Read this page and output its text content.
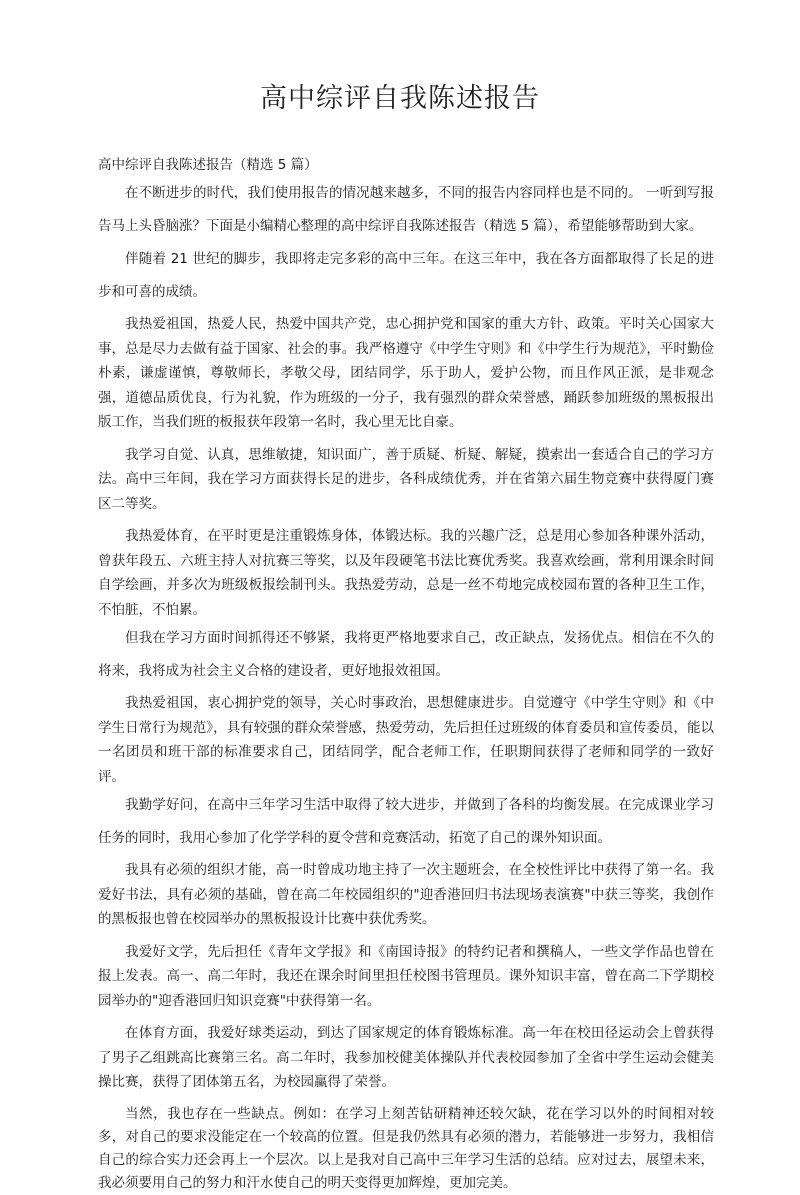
高中综评自我陈述报告

高中综评自我陈述报告（精选 5 篇）

在不断进步的时代，我们使用报告的情况越来越多，不同的报告内容同样也是不同的。 一听到写报告马上头昏脑涨？下面是小编精心整理的高中综评自我陈述报告（精选 5 篇），希望能够帮助到大家。

伴随着 21 世纪的脚步，我即将走完多彩的高中三年。在这三年中，我在各方面都取得了长足的进步和可喜的成绩。

我热爱祖国，热爱人民，热爱中国共产党，忠心拥护党和国家的重大方针、政策。平时关心国家大事，总是尽力去做有益于国家、社会的事。我严格遵守《中学生守则》和《中学生行为规范》，平时勤俭朴素，谦虚谨慎，尊敬师长，孝敬父母，团结同学，乐于助人，爱护公物，而且作风正派，是非观念强，道德品质优良，行为礼貌，作为班级的一分子，我有强烈的群众荣誉感，踊跃参加班级的黑板报出版工作，当我们班的板报获年段第一名时，我心里无比自豪。

我学习自觉、认真，思维敏捷，知识面广，善于质疑、析疑、解疑，摸索出一套适合自己的学习方法。高中三年间，我在学习方面获得长足的进步，各科成绩优秀，并在省第六届生物竞赛中获得厦门赛区二等奖。

我热爱体育，在平时更是注重锻炼身体，体锻达标。我的兴趣广泛，总是用心参加各种课外活动，曾获年段五、六班主持人对抗赛三等奖，以及年段硬笔书法比赛优秀奖。我喜欢绘画，常利用课余时间自学绘画，并多次为班级板报绘制刊头。我热爱劳动，总是一丝不苟地完成校园布置的各种卫生工作，不怕脏，不怕累。

但我在学习方面时间抓得还不够紧，我将更严格地要求自己，改正缺点，发扬优点。相信在不久的将来，我将成为社会主义合格的建设者，更好地报效祖国。

我热爱祖国，衷心拥护党的领导，关心时事政治，思想健康进步。自觉遵守《中学生守则》和《中学生日常行为规范》，具有较强的群众荣誉感，热爱劳动，先后担任过班级的体育委员和宣传委员，能以一名团员和班干部的标准要求自己，团结同学，配合老师工作，任职期间获得了老师和同学的一致好评。

我勤学好问，在高中三年学习生活中取得了较大进步，并做到了各科的均衡发展。在完成课业学习任务的同时，我用心参加了化学学科的夏令营和竞赛活动，拓宽了自己的课外知识面。

我具有必须的组织才能，高一时曾成功地主持了一次主题班会，在全校性评比中获得了第一名。我爱好书法，具有必须的基础，曾在高二年校园组织的"迎香港回归书法现场表演赛"中获三等奖，我创作的黑板报也曾在校园举办的黑板报设计比赛中获优秀奖。

我爱好文学，先后担任《青年文学报》和《南国诗报》的特约记者和撰稿人，一些文学作品也曾在报上发表。高一、高二年时，我还在课余时间里担任校图书管理员。课外知识丰富，曾在高二下学期校园举办的"迎香港回归知识竞赛"中获得第一名。

在体育方面，我爱好球类运动，到达了国家规定的体育锻炼标准。高一年在校田径运动会上曾获得了男子乙组跳高比赛第三名。高二年时，我参加校健美体操队并代表校园参加了全省中学生运动会健美操比赛，获得了团体第五名，为校园赢得了荣誉。

当然，我也存在一些缺点。例如：在学习上刻苦钻研精神还较欠缺，花在学习以外的时间相对较多，对自己的要求没能定在一个较高的位置。但是我仍然具有必须的潜力，若能够进一步努力，我相信自己的综合实力还会再上一个层次。以上是我对自己高中三年学习生活的总结。应对过去，展望未来，我必须要用自己的努力和汗水使自己的明天变得更加辉煌，更加完美。
